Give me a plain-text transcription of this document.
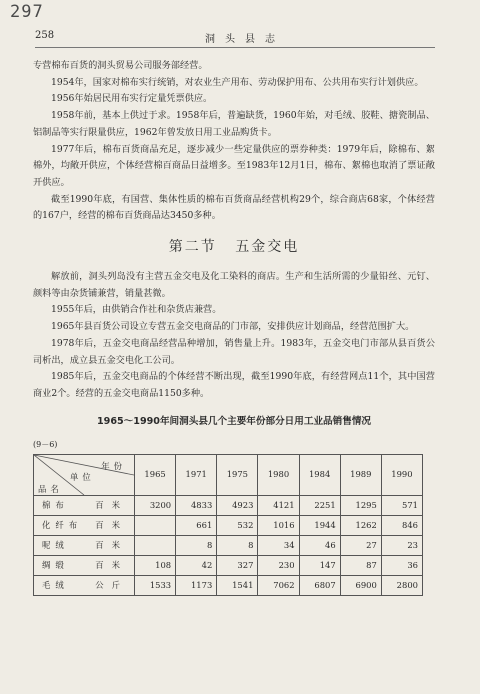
297
258	洞头县志

专营棉布百货的洞头贸易公司服务部经营。

1954年，国家对棉布实行统销，对农业生产用布、劳动保护用布、公共用布实行计划供应。

1956年始居民用布实行定量凭票供应。

1958年前，基本上供过于求。1958年后，普遍缺货，1960年始，对毛绒、胶鞋、搪瓷制品、铝制品等实行限量供应，1962年曾发放日用工业品购货卡。

1977年后，棉布百货商品充足，逐步减少一些定量供应的票券种类：1979年后，除棉布、絮棉外，均敞开供应，个体经营棉百商品日益增多。至1983年12月1日，棉布、絮棉也取消了票证敞开供应。

截至1990年底，有国营、集体性质的棉布百货商品经营机构29个，综合商店68家，个体经营的167户，经营的棉布百货商品达3450多种。

第二节 五金交电

解放前，洞头列岛没有主营五金交电及化工染料的商店。生产和生活所需的少量铅丝、元钉、颜料等由杂货铺兼营，销量甚微。

1955年后，由供销合作社和杂货店兼营。

1965年县百货公司设立专营五金交电商品的门市部，安排供应计划商品，经营范围扩大。

1978年后，五金交电商品经营品种增加，销售量上升。1983年，五金交电门市部从县百货公司析出，成立县五金交电化工公司。

1985年后，五金交电商品的个体经营不断出现，截至1990年底，有经营网点11个，其中国营商业2个。经营的五金交电商品1150多种。

1965～1990年间洞头县几个主要年份部分日用工业品销售情况
(9－6)
年份
单位
品名	1965	1971	1975	1980	1984	1989	1990

棉布 百米	3200	4833	4923	4121	2251	1295	571

化纤布 百米		661	532	1016	1944	1262	846

呢绒 百米		8	8	34	46	27	23

绸缎 百米	108	42	327	230	147	87	36

毛绒 公斤	1533	1173	1541	7062	6807	6900	2800
